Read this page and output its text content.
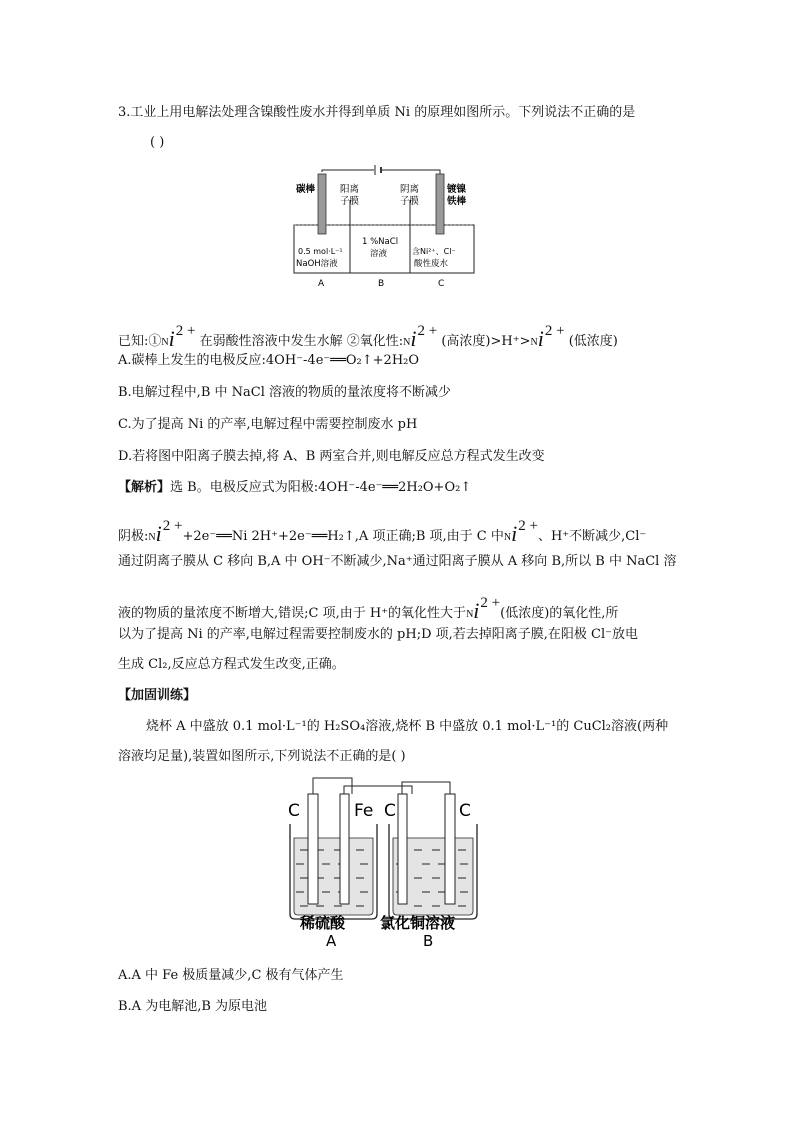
3.工业上用电解法处理含镍酸性废水并得到单质 Ni 的原理如图所示。下列说法不正确的是
( )
碳棒	阳离
子膜
阴离
子膜
镀镍
铁棒
0.5 mol·L⁻¹
NaOH溶液
1 %NaCl
溶液	含Ni²⁺、Cl⁻
酸性废水
A	B	C
已知:①Ni2 + 在弱酸性溶液中发生水解 ②氧化性:Ni2 + (高浓度)>H⁺>Ni2 + (低浓度)
A.碳棒上发生的电极反应:4OH⁻-4e⁻══O₂↑+2H₂O
B.电解过程中,B 中 NaCl 溶液的物质的量浓度将不断减少
C.为了提高 Ni 的产率,电解过程中需要控制废水 pH
D.若将图中阳离子膜去掉,将 A、B 两室合并,则电解反应总方程式发生改变
【解析】选 B。电极反应式为阳极:4OH⁻-4e⁻══2H₂O+O₂↑
阴极:Ni2 ++2e⁻══Ni 2H⁺+2e⁻══H₂↑,A 项正确;B 项,由于 C 中Ni2 +、H⁺不断减少,Cl⁻
通过阴离子膜从 C 移向 B,A 中 OH⁻不断减少,Na⁺通过阳离子膜从 A 移向 B,所以 B 中 NaCl 溶
液的物质的量浓度不断增大,错误;C 项,由于 H⁺的氧化性大于Ni2 +(低浓度)的氧化性,所
以为了提高 Ni 的产率,电解过程需要控制废水的 pH;D 项,若去掉阳离子膜,在阳极 Cl⁻放电
生成 Cl₂,反应总方程式发生改变,正确。
【加固训练】
烧杯 A 中盛放 0.1 mol·L⁻¹的 H₂SO₄溶液,烧杯 B 中盛放 0.1 mol·L⁻¹的 CuCl₂溶液(两种
溶液均足量),装置如图所示,下列说法不正确的是( )
C	Fe C	C
稀硫酸 氯化铜溶液
A	B
A.A 中 Fe 极质量减少,C 极有气体产生
B.A 为电解池,B 为原电池
